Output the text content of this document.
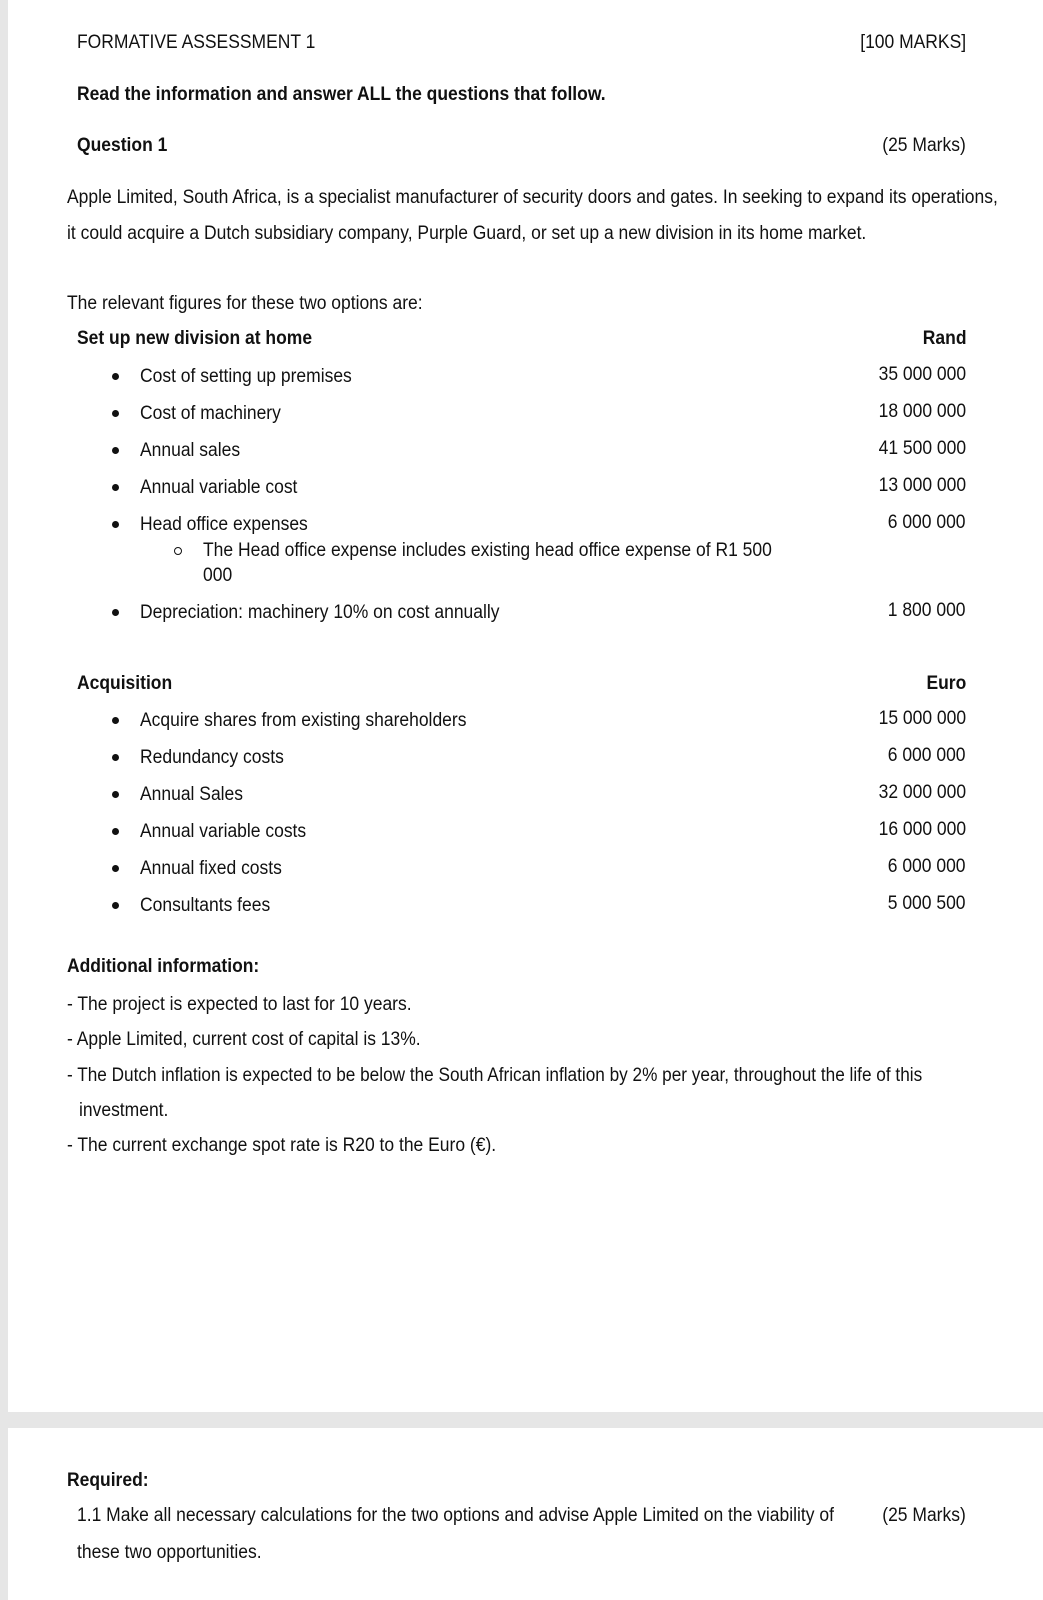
FORMATIVE ASSESSMENT 1	[100 MARKS]
Read the information and answer ALL the questions that follow.
Question 1	(25 Marks)
Apple Limited, South Africa, is a specialist manufacturer of security doors and gates. In seeking to expand its operations,
it could acquire a Dutch subsidiary company, Purple Guard, or set up a new division in its home market.
The relevant figures for these two options are:
Set up new division at home	Rand
Cost of setting up premises	35 000 000
Cost of machinery	18 000 000
Annual sales	41 500 000
Annual variable cost	13 000 000
Head office expenses	6 000 000
The Head office expense includes existing head office expense of R1 500
000
Depreciation: machinery 10% on cost annually	1 800 000
Acquisition	Euro
Acquire shares from existing shareholders	15 000 000
Redundancy costs	6 000 000
Annual Sales	32 000 000
Annual variable costs	16 000 000
Annual fixed costs	6 000 000
Consultants fees	5 000 500
Additional information:
- The project is expected to last for 10 years.
- Apple Limited, current cost of capital is 13%.
- The Dutch inflation is expected to be below the South African inflation by 2% per year, throughout the life of this
investment.
- The current exchange spot rate is R20 to the Euro (€).
Required:
1.1 Make all necessary calculations for the two options and advise Apple Limited on the viability of	(25 Marks)
these two opportunities.
